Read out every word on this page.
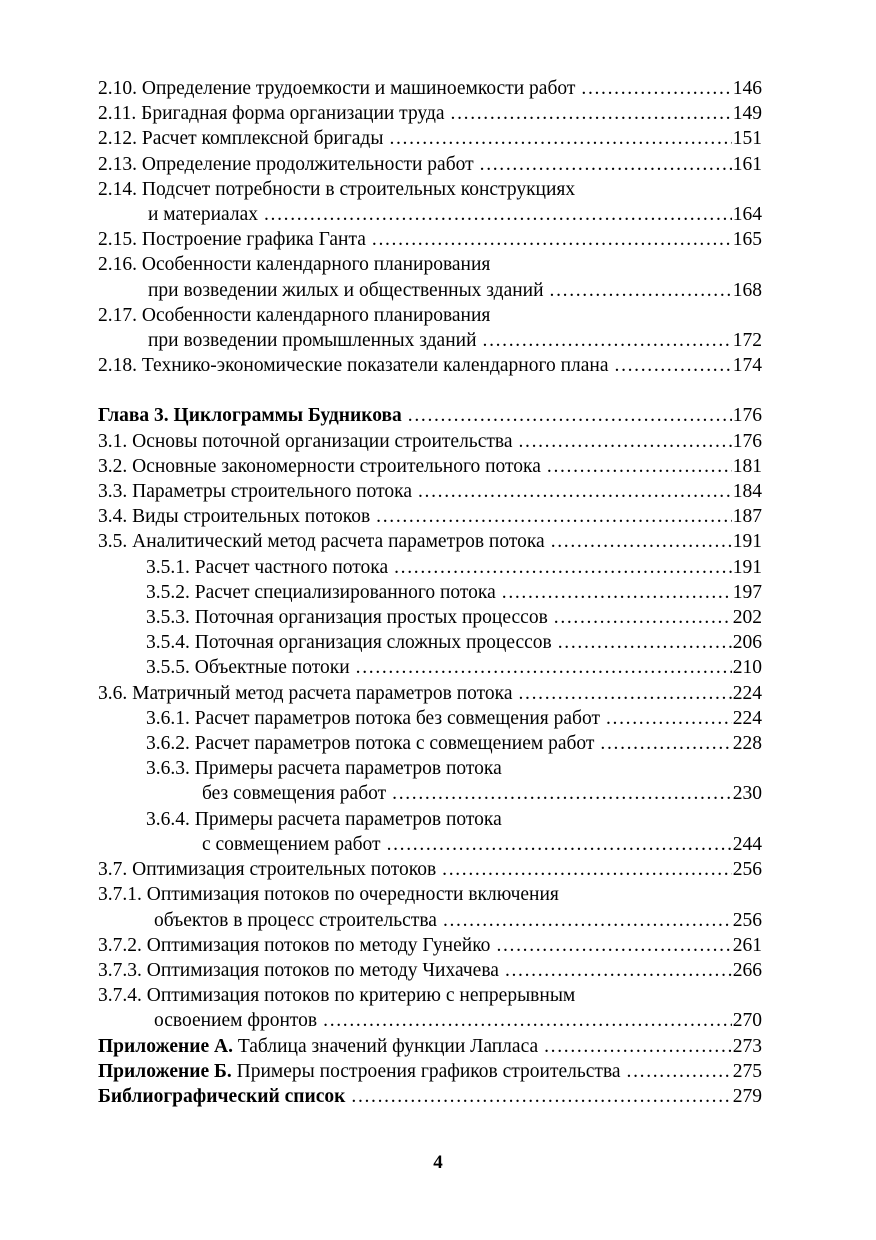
2.10. Определение трудоемкости и машиноемкости работ . . .	146
2.11. Бригадная форма организации труда . . .	149
2.12. Расчет комплексной бригады . . .	151
2.13. Определение продолжительности работ . . .	161
2.14. Подсчет потребности в строительных конструкциях
и материалах . . .	164
2.15. Построение графика Ганта . . .	165
2.16. Особенности календарного планирования
при возведении жилых и общественных зданий . . .	168
2.17. Особенности календарного планирования
при возведении промышленных зданий . . .	172
2.18. Технико-экономические показатели календарного плана . . .	174
Глава 3. Циклограммы Будникова . . .	176
3.1. Основы поточной организации строительства . . .	176
3.2. Основные закономерности строительного потока . . .	181
3.3. Параметры строительного потока . . .	184
3.4. Виды строительных потоков . . .	187
3.5. Аналитический метод расчета параметров потока . . .	191
3.5.1. Расчет частного потока . . .	191
3.5.2. Расчет специализированного потока . . .	197
3.5.3. Поточная организация простых процессов . . .	202
3.5.4. Поточная организация сложных процессов . . .	206
3.5.5. Объектные потоки . . .	210
3.6. Матричный метод расчета параметров потока . . .	224
3.6.1. Расчет параметров потока без совмещения работ . . .	224
3.6.2. Расчет параметров потока с совмещением работ . . .	228
3.6.3. Примеры расчета параметров потока
без совмещения работ . . .	230
3.6.4. Примеры расчета параметров потока
с совмещением работ . . .	244
3.7. Оптимизация строительных потоков . . .	256
3.7.1. Оптимизация потоков по очередности включения
объектов в процесс строительства . . .	256
3.7.2. Оптимизация потоков по методу Гунейко . . .	261
3.7.3. Оптимизация потоков по методу Чихачева . . .	266
3.7.4. Оптимизация потоков по критерию с непрерывным
освоением фронтов . . .	270
Приложение А. Таблица значений функции Лапласа . . .	273
Приложение Б. Примеры построения графиков строительства . . .	275
Библиографический список . . .	279
4
